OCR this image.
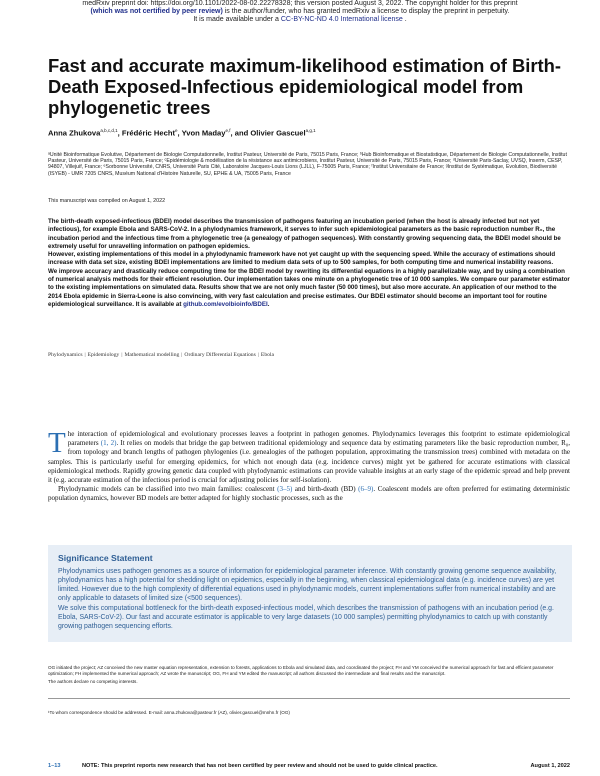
medRxiv preprint doi: https://doi.org/10.1101/2022-08-02.22278328; this version posted August 3, 2022. The copyright holder for this preprint
(which was not certified by peer review) is the author/funder, who has granted medRxiv a license to display the preprint in perpetuity.
It is made available under a CC-BY-NC-ND 4.0 International license .
Fast and accurate maximum-likelihood estimation of Birth-Death Exposed-Infectious epidemiological model from phylogenetic trees
Anna Zhukova$^{a,b,c,d,1}$, Frédéric Hecht$^e$, Yvon Maday$^{e,f}$, and Olivier Gascuel$^{a,g,1}$
ᵃUnité Bioinformatique Evolutive, Département de Biologie Computationnelle, Institut Pasteur, Université de Paris, 75015 Paris, France; ᵇHub Bioinformatique et Biostatistique, Département de Biologie Computationnelle, Institut Pasteur, Université de Paris, 75015 Paris, France; ᶜEpidémiologie & modélisation de la résistance aux antimicrobiens, Institut Pasteur, Université de Paris, 75015 Paris, France; ᵈUniversité Paris-Saclay, UVSQ, Inserm, CESP, 94807, Villejuif, France; ᵉSorbonne Université, CNRS, Université Paris Cité, Laboratoire Jacques-Louis Lions (LJLL), F-75005 Paris, France; ᶠInstitut Universitaire de France; ᵍInstitut de Systématique, Evolution, Biodiversité (ISYEB) - UMR 7205 CNRS, Muséum National d'Histoire Naturelle, SU, EPHE & UA, 75005 Paris, France
This manuscript was compiled on August 1, 2022

The birth-death exposed-infectious (BDEI) model describes the transmission of pathogens featuring an incubation period (when the host is already infected but not yet infectious), for example Ebola and SARS-CoV-2. In a phylodynamics framework, it serves to infer such epidemiological parameters as the basic reproduction number R₀, the incubation period and the infectious time from a phylogenetic tree (a genealogy of pathogen sequences). With constantly growing sequencing data, the BDEI model should be extremely useful for unravelling information on pathogen epidemics.

However, existing implementations of this model in a phylodynamic framework have not yet caught up with the sequencing speed. While the accuracy of estimations should increase with data set size, existing BDEI implementations are limited to medium data sets of up to 500 samples, for both computing time and numerical instability reasons.

We improve accuracy and drastically reduce computing time for the BDEI model by rewriting its differential equations in a highly parallelizable way, and by using a combination of numerical analysis methods for their efficient resolution. Our implementation takes one minute on a phylogenetic tree of 10 000 samples. We compare our parameter estimator to the existing implementations on simulated data. Results show that we are not only much faster (50 000 times), but also more accurate. An application of our method to the 2014 Ebola epidemic in Sierra-Leone is also convincing, with very fast calculation and precise estimates. Our BDEI estimator should become an important tool for routine epidemiological surveillance. It is available at github.com/evolbioinfo/BDEI.

Phylodynamics | Epidemiology | Mathematical modelling | Ordinary Differential Equations | Ebola

The interaction of epidemiological and evolutionary processes leaves a footprint in pathogen genomes. Phylodynamics leverages this footprint to estimate epidemiological parameters (1, 2). It relies on models that bridge the gap between traditional epidemiology and sequence data by estimating parameters like the basic reproduction number, R₀, from topology and branch lengths of pathogen phylogenies (i.e. genealogies of the pathogen population, approximating the transmission trees) combined with metadata on the samples. This is particularly useful for emerging epidemics, for which not enough data (e.g. incidence curves) might yet be gathered for accurate estimations with classical epidemiological methods. Rapidly growing genetic data coupled with phylodynamic estimations can provide valuable insights at an early stage of the epidemic spread and help prevent it (e.g. accurate estimation of the infectious period is crucial for adjusting policies for self-isolation).

Phylodynamic models can be classified into two main families: coalescent (3–5) and birth-death (BD) (6–9). Coalescent models are often preferred for estimating deterministic population dynamics, however BD models are better adapted for highly stochastic processes, such as the

Significance Statement

Phylodynamics uses pathogen genomes as a source of information for epidemiological parameter inference. With constantly growing genome sequence availability, phylodynamics has a high potential for shedding light on epidemics, especially in the beginning, when classical epidemiological data (e.g. incidence curves) are yet limited. However due to the high complexity of differential equations used in phylodynamic models, current implementations suffer from numerical instability and are only applicable to datasets of limited size (<500 sequences).

We solve this computational bottleneck for the birth-death exposed-infectious model, which describes the transmission of pathogens with an incubation period (e.g. Ebola, SARS-CoV-2). Our fast and accurate estimator is applicable to very large datasets (10 000 samples) permitting phylodynamics to catch up with constantly growing pathogen sequencing efforts.

OG initiated the project; AZ conceived the new master equation representation, extension to forests, applications to Ebola and simulated data, and coordinated the project; FH and YM conceived the numerical approach for fast and efficient parameter optimization; FH implemented the numerical approach; AZ wrote the manuscript; OG, FH and YM edited the manuscript; all authors discussed the intermediate and final results and the manuscript.

The authors declare no competing interests.

¹To whom correspondence should be addressed. E-mail: anna.zhukova@pasteur.fr (AZ), olivier.gascuel@mnhn.fr (OG)
1–13	NOTE: This preprint reports new research that has not been certified by peer review and should not be used to guide clinical practice.	August 1, 2022
